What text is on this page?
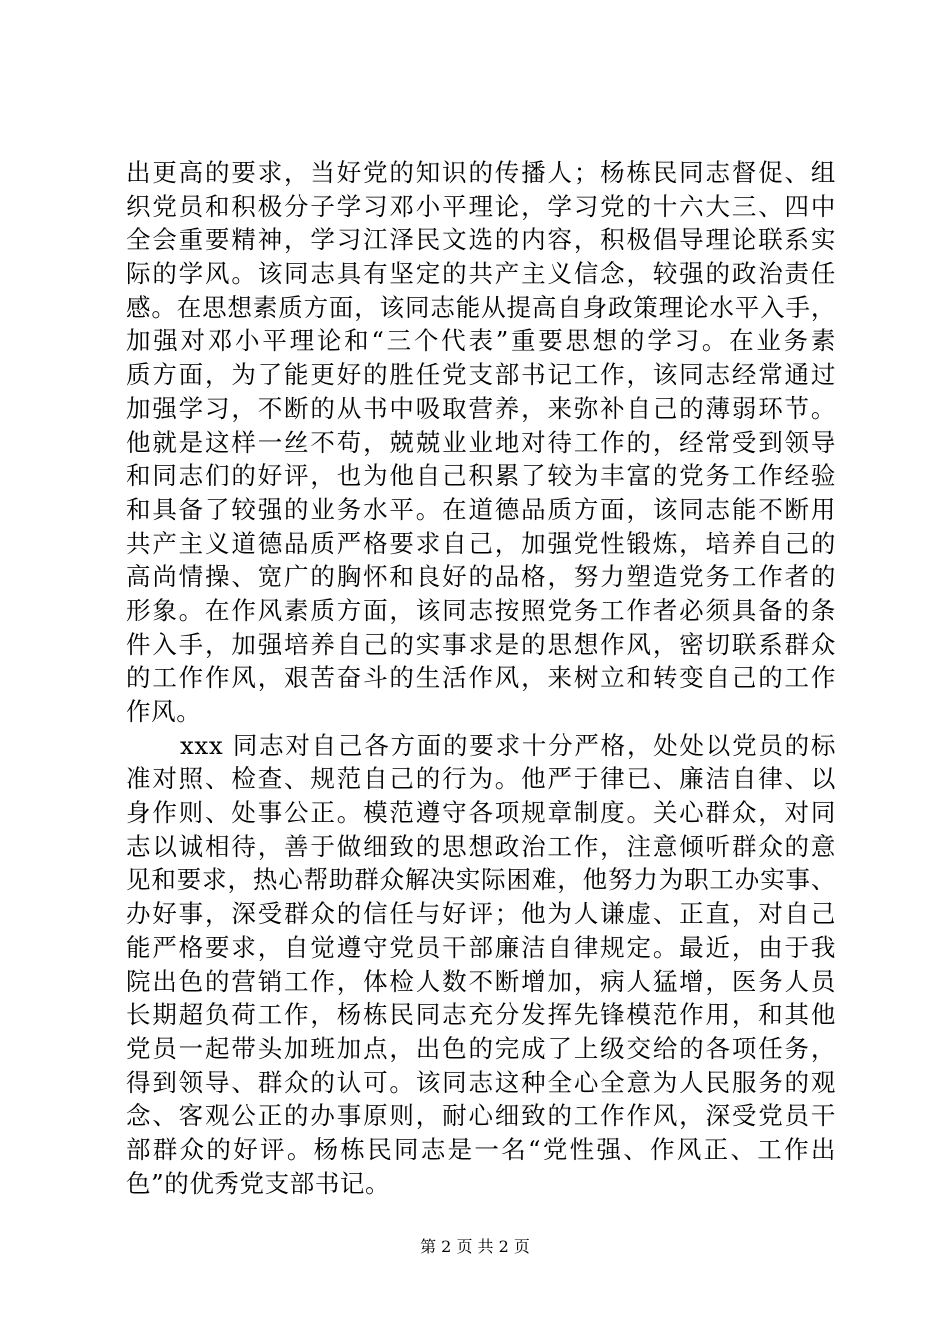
出更高的要求，当好党的知识的传播人；杨栋民同志督促、组
织党员和积极分子学习邓小平理论，学习党的十六大三、四中
全会重要精神，学习江泽民文选的内容，积极倡导理论联系实
际的学风。该同志具有坚定的共产主义信念，较强的政治责任
感。在思想素质方面，该同志能从提高自身政策理论水平入手，
加强对邓小平理论和“三个代表”重要思想的学习。在业务素
质方面，为了能更好的胜任党支部书记工作，该同志经常通过
加强学习，不断的从书中吸取营养，来弥补自己的薄弱环节。
他就是这样一丝不苟，兢兢业业地对待工作的，经常受到领导
和同志们的好评，也为他自己积累了较为丰富的党务工作经验
和具备了较强的业务水平。在道德品质方面，该同志能不断用
共产主义道德品质严格要求自己，加强党性锻炼，培养自己的
高尚情操、宽广的胸怀和良好的品格，努力塑造党务工作者的
形象。在作风素质方面，该同志按照党务工作者必须具备的条
件入手，加强培养自己的实事求是的思想作风，密切联系群众
的工作作风，艰苦奋斗的生活作风，来树立和转变自己的工作
作风。
xxx 同志对自己各方面的要求十分严格，处处以党员的标
准对照、检查、规范自己的行为。他严于律已、廉洁自律、以
身作则、处事公正。模范遵守各项规章制度。关心群众，对同
志以诚相待，善于做细致的思想政治工作，注意倾听群众的意
见和要求，热心帮助群众解决实际困难，他努力为职工办实事、
办好事，深受群众的信任与好评；他为人谦虚、正直，对自己
能严格要求，自觉遵守党员干部廉洁自律规定。最近，由于我
院出色的营销工作，体检人数不断增加，病人猛增，医务人员
长期超负荷工作，杨栋民同志充分发挥先锋模范作用，和其他
党员一起带头加班加点，出色的完成了上级交给的各项任务，
得到领导、群众的认可。该同志这种全心全意为人民服务的观
念、客观公正的办事原则，耐心细致的工作作风，深受党员干
部群众的好评。杨栋民同志是一名“党性强、作风正、工作出
色”的优秀党支部书记。
第 2 页 共 2 页
